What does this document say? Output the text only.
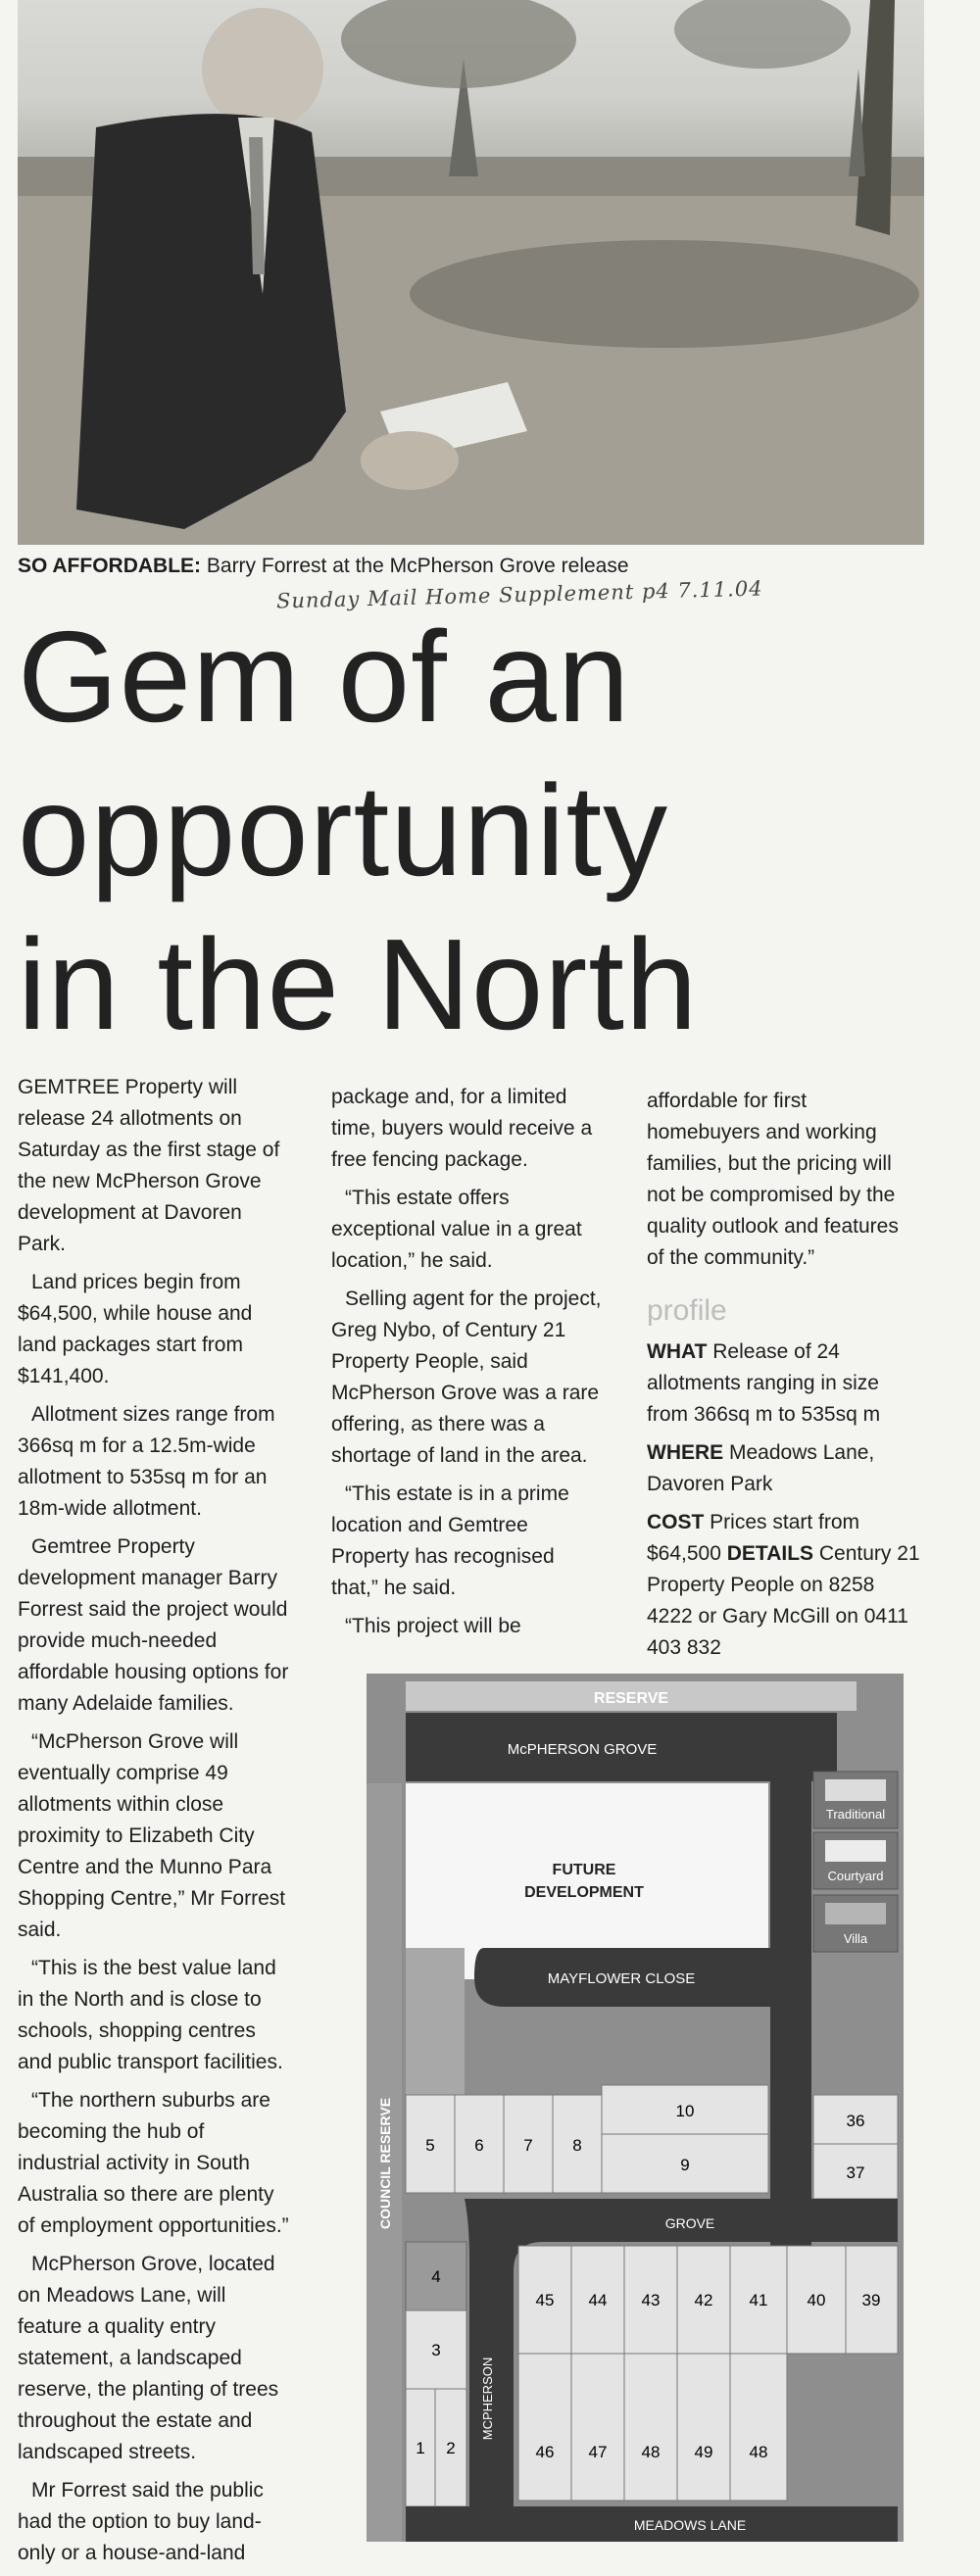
SO AFFORDABLE: Barry Forrest at the McPherson Grove release
Sunday Mail Home Supplement p4 7.11.04
Gem of an
opportunity
in the North

GEMTREE Property will release 24 allotments on Saturday as the first stage of the new McPherson Grove development at Davoren Park.

Land prices begin from $64,500, while house and land packages start from $141,400.

Allotment sizes range from 366sq m for a 12.5m-wide allotment to 535sq m for an 18m-wide allotment.

Gemtree Property development manager Barry Forrest said the project would provide much-needed affordable housing options for many Adelaide families.

“McPherson Grove will eventually comprise 49 allotments within close proximity to Elizabeth City Centre and the Munno Para Shopping Centre,” Mr Forrest said.

“This is the best value land in the North and is close to schools, shopping centres and public transport facilities.

“The northern suburbs are becoming the hub of industrial activity in South Australia so there are plenty of employment opportunities.”

McPherson Grove, located on Meadows Lane, will feature a quality entry statement, a landscaped reserve, the planting of trees throughout the estate and landscaped streets.

Mr Forrest said the public had the option to buy land-only or a house-and-land

package and, for a limited time, buyers would receive a free fencing package.

“This estate offers exceptional value in a great location,” he said.

Selling agent for the project, Greg Nybo, of Century 21 Property People, said McPherson Grove was a rare offering, as there was a shortage of land in the area.

“This estate is in a prime location and Gemtree Property has recognised that,” he said.

“This project will be

affordable for first homebuyers and working families, but the pricing will not be compromised by the quality outlook and features of the community.”

profile

WHAT Release of 24 allotments ranging in size from 366sq m to 535sq m

WHERE Meadows Lane, Davoren Park

COST Prices start from $64,500 DETAILS Century 21 Property People on 8258 4222 or Gary McGill on 0411 403 832

RESERVE
McPHERSON GROVE
FUTURE
DEVELOPMENT
Traditional
Courtyard
Villa
MAYFLOWER CLOSE
COUNCIL RESERVE 5 6 7 8
10
9
36
37
GROVE
MCPHERSON
4
3
1 2
45 44 43 42 41 40 39
46 47 48 49 48
MEADOWS LANE
